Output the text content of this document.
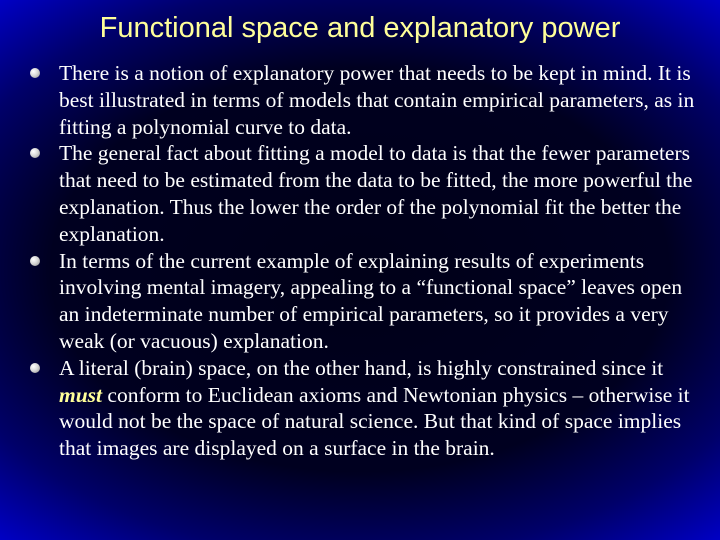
Functional space and explanatory power
There is a notion of explanatory power that needs to be kept in mind. It is best illustrated in terms of models that contain empirical parameters, as in fitting a polynomial curve to data.
The general fact about fitting a model to data is that the fewer parameters that need to be estimated from the data to be fitted, the more powerful the explanation. Thus the lower the order of the polynomial fit the better the explanation.
In terms of the current example of explaining results of experiments involving mental imagery, appealing to a “functional space” leaves open an indeterminate number of empirical parameters, so it provides a very weak (or vacuous) explanation.
A literal (brain) space, on the other hand, is highly constrained since it must conform to Euclidean axioms and Newtonian physics – otherwise it would not be the space of natural science. But that kind of space implies that images are displayed on a surface in the brain.
